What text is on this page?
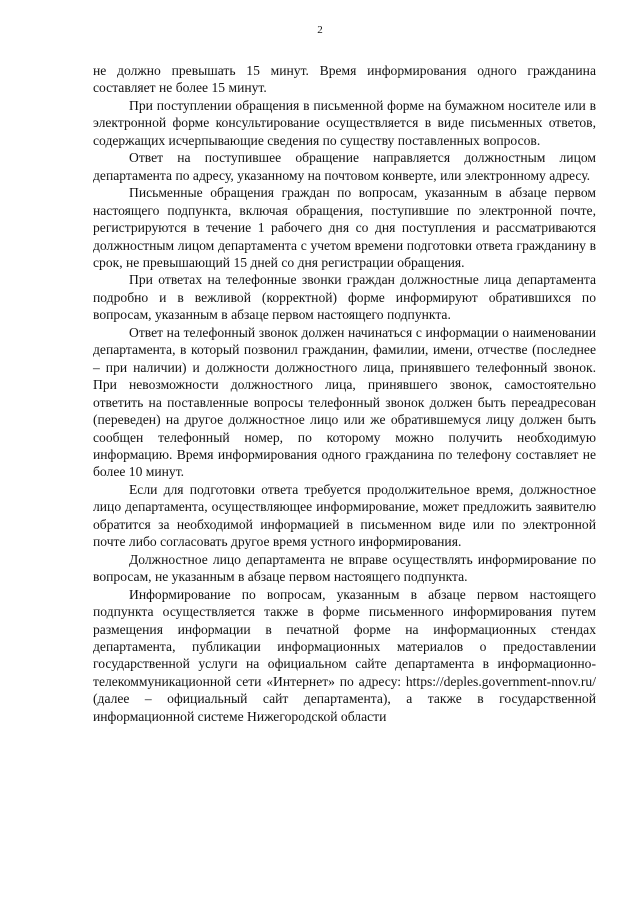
2

не должно превышать 15 минут. Время информирования одного гражданина составляет не более 15 минут.

При поступлении обращения в письменной форме на бумажном носителе или в электронной форме консультирование осуществляется в виде письменных ответов, содержащих исчерпывающие сведения по существу поставленных вопросов.

Ответ на поступившее обращение направляется должностным лицом департамента по адресу, указанному на почтовом конверте, или электронному адресу.

Письменные обращения граждан по вопросам, указанным в абзаце первом настоящего подпункта, включая обращения, поступившие по электронной почте, регистрируются в течение 1 рабочего дня со дня поступления и рассматриваются должностным лицом департамента с учетом времени подготовки ответа гражданину в срок, не превышающий 15 дней со дня регистрации обращения.

При ответах на телефонные звонки граждан должностные лица департамента подробно и в вежливой (корректной) форме информируют обратившихся по вопросам, указанным в абзаце первом настоящего подпункта.

Ответ на телефонный звонок должен начинаться с информации о наименовании департамента, в который позвонил гражданин, фамилии, имени, отчестве (последнее – при наличии) и должности должностного лица, принявшего телефонный звонок. При невозможности должностного лица, принявшего звонок, самостоятельно ответить на поставленные вопросы телефонный звонок должен быть переадресован (переведен) на другое должностное лицо или же обратившемуся лицу должен быть сообщен телефонный номер, по которому можно получить необходимую информацию. Время информирования одного гражданина по телефону составляет не более 10 минут.

Если для подготовки ответа требуется продолжительное время, должностное лицо департамента, осуществляющее информирование, может предложить заявителю обратится за необходимой информацией в письменном виде или по электронной почте либо согласовать другое время устного информирования.

Должностное лицо департамента не вправе осуществлять информирование по вопросам, не указанным в абзаце первом настоящего подпункта.

Информирование по вопросам, указанным в абзаце первом настоящего подпункта осуществляется также в форме письменного информирования путем размещения информации в печатной форме на информационных стендах департамента, публикации информационных материалов о предоставлении государственной услуги на официальном сайте департамента в информационно-телекоммуникационной сети «Интернет» по адресу: https://deples.government-nnov.ru/ (далее – официальный сайт департамента), а также в государственной информационной системе Нижегородской области
